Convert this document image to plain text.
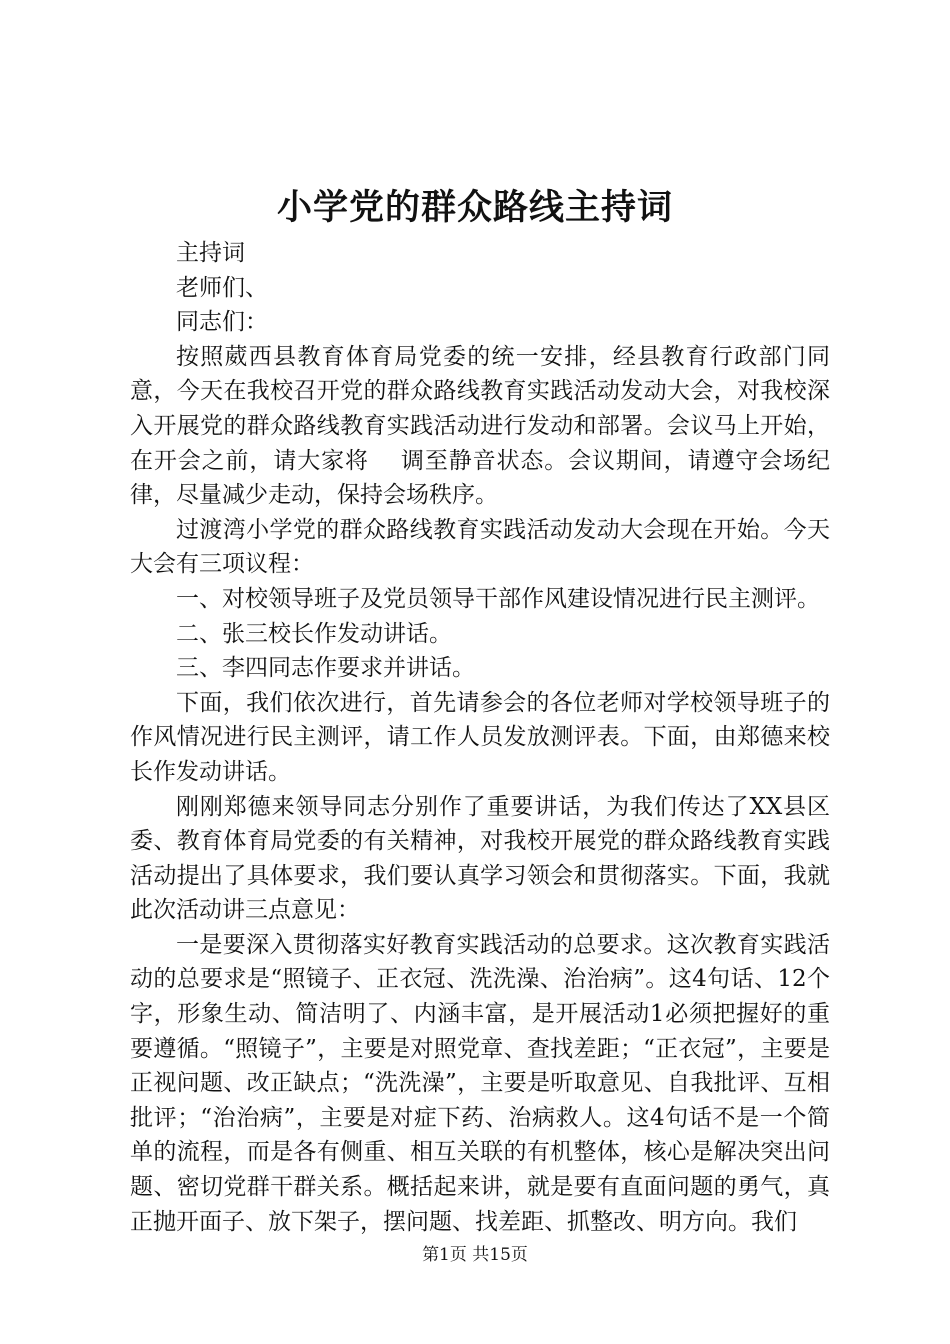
小学党的群众路线主持词

主持词

老师们、

同志们：

按照葳西县教育体育局党委的统一安排，经县教育行政部门同意，今天在我校召开党的群众路线教育实践活动发动大会，对我校深入开展党的群众路线教育实践活动进行发动和部署。会议马上开始，在开会之前，请大家将　 调至静音状态。会议期间，请遵守会场纪律，尽量减少走动，保持会场秩序。

过渡湾小学党的群众路线教育实践活动发动大会现在开始。今天大会有三项议程：

一、对校领导班子及党员领导干部作风建设情况进行民主测评。

二、张三校长作发动讲话。

三、李四同志作要求并讲话。

下面，我们依次进行，首先请参会的各位老师对学校领导班子的作风情况进行民主测评，请工作人员发放测评表。下面，由郑德来校长作发动讲话。

刚刚郑德来领导同志分别作了重要讲话，为我们传达了XX县区委、教育体育局党委的有关精神，对我校开展党的群众路线教育实践活动提出了具体要求，我们要认真学习领会和贯彻落实。下面，我就此次活动讲三点意见：

一是要深入贯彻落实好教育实践活动的总要求。这次教育实践活动的总要求是“照镜子、正衣冠、洗洗澡、治治病”。这4句话、12个字，形象生动、简洁明了、内涵丰富，是开展活动1必须把握好的重要遵循。“照镜子”，主要是对照党章、查找差距；“正衣冠”，主要是正视问题、改正缺点；“洗洗澡”，主要是听取意见、自我批评、互相批评；“治治病”，主要是对症下药、治病救人。这4句话不是一个简单的流程，而是各有侧重、相互关联的有机整体，核心是解决突出问题、密切党群干群关系。概括起来讲，就是要有直面问题的勇气，真正抛开面子、放下架子，摆问题、找差距、抓整改、明方向。我们

第1页 共15页
